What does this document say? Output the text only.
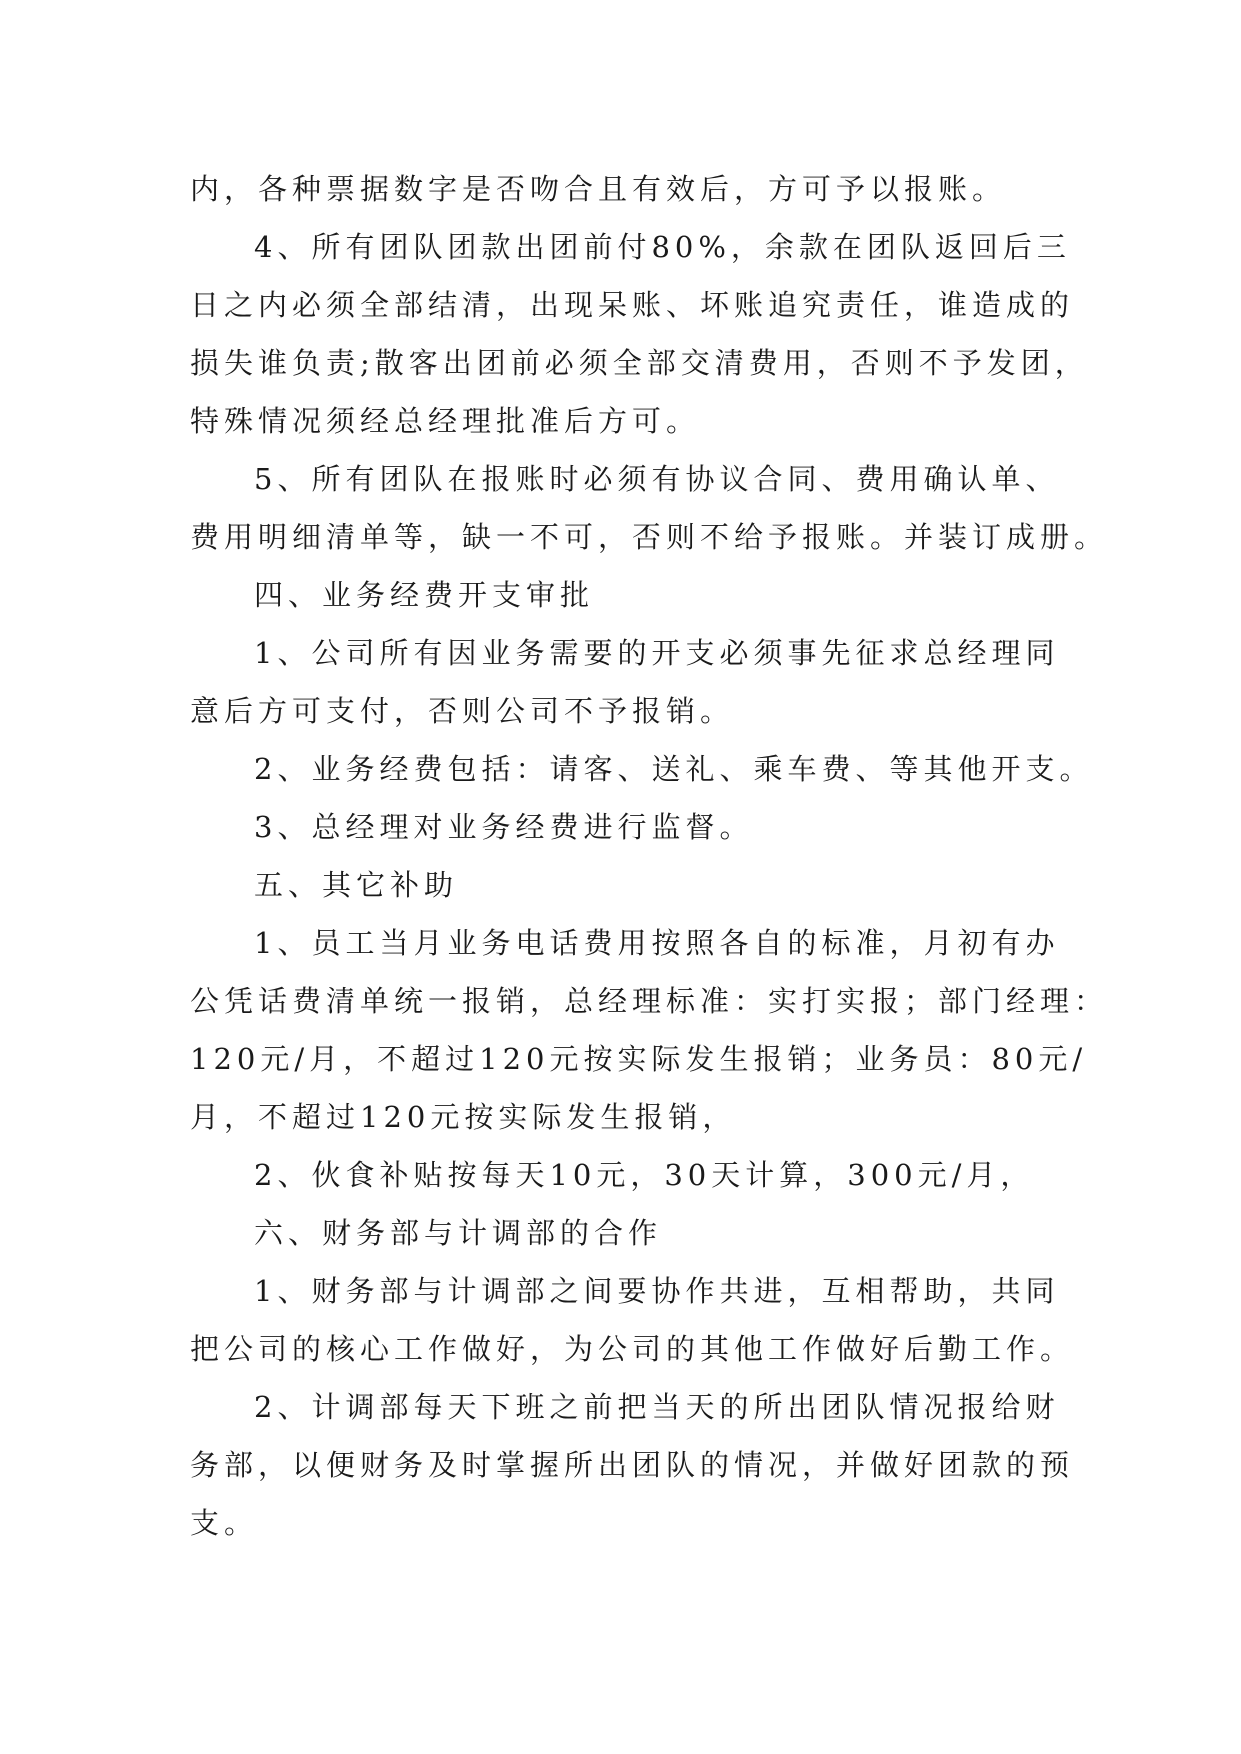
内，各种票据数字是否吻合且有效后，方可予以报账。

4、所有团队团款出团前付80%，余款在团队返回后三

日之内必须全部结清，出现呆账、坏账追究责任，谁造成的

损失谁负责;散客出团前必须全部交清费用，否则不予发团，

特殊情况须经总经理批准后方可。

5、所有团队在报账时必须有协议合同、费用确认单、

费用明细清单等，缺一不可，否则不给予报账。并装订成册。

四、业务经费开支审批

1、公司所有因业务需要的开支必须事先征求总经理同

意后方可支付，否则公司不予报销。

2、业务经费包括：请客、送礼、乘车费、等其他开支。

3、总经理对业务经费进行监督。

五、其它补助

1、员工当月业务电话费用按照各自的标准，月初有办

公凭话费清单统一报销，总经理标准：实打实报；部门经理：

120元/月，不超过120元按实际发生报销；业务员：80元/

月，不超过120元按实际发生报销，

2、伙食补贴按每天10元，30天计算，300元/月，

六、财务部与计调部的合作

1、财务部与计调部之间要协作共进，互相帮助，共同

把公司的核心工作做好，为公司的其他工作做好后勤工作。

2、计调部每天下班之前把当天的所出团队情况报给财

务部，以便财务及时掌握所出团队的情况，并做好团款的预

支。
